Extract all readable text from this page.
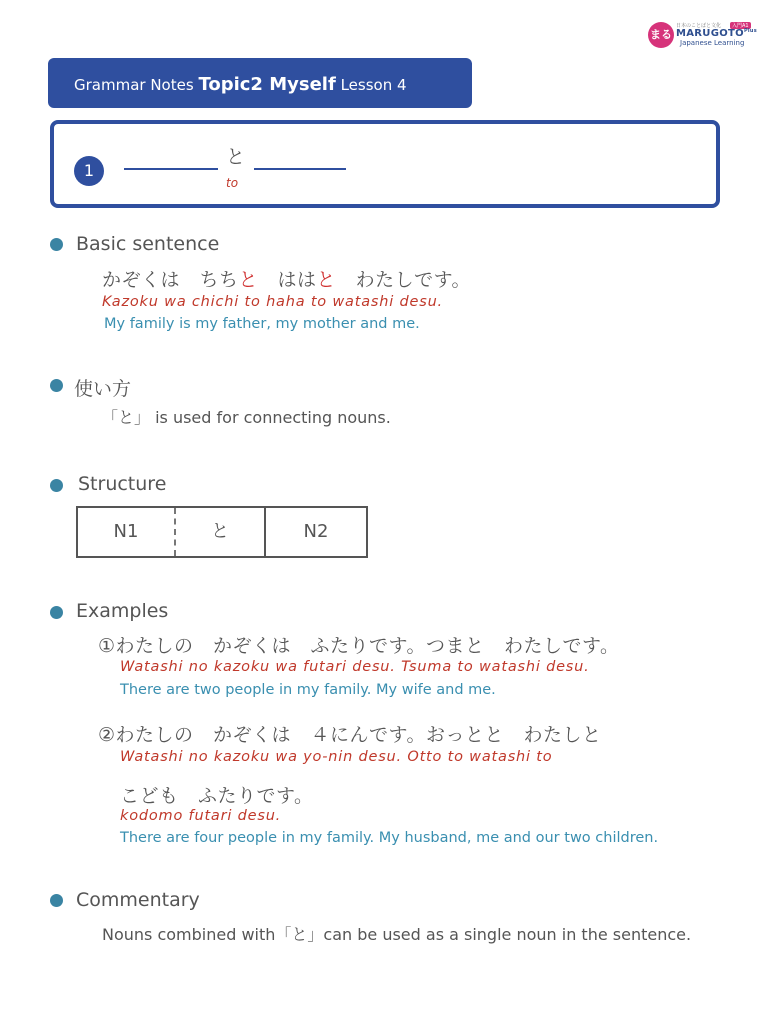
まる
日本のことばと文化	入門A1
$MARUGOTO^{Plus}$
Japanese Learning
Grammar Notes Topic2 Myself Lesson 4
1
と
to
Basic sentence
かぞくは　ちちと　ははと　わたしです。
Kazoku wa chichi to haha to watashi desu.
My family is my father, my mother and me.
使い方
「と」 is used for connecting nouns.
Structure
N1	と	N2
Examples
①わたしの　かぞくは　ふたりです。つまと　わたしです。
Watashi no kazoku wa futari desu. Tsuma to watashi desu.
There are two people in my family. My wife and me.
②わたしの　かぞくは　４にんです。おっとと　わたしと
Watashi no kazoku wa yo-nin desu. Otto to watashi to
こども　ふたりです。
kodomo futari desu.
There are four people in my family. My husband, me and our two children.
Commentary
Nouns combined with「と」can be used as a single noun in the sentence.
